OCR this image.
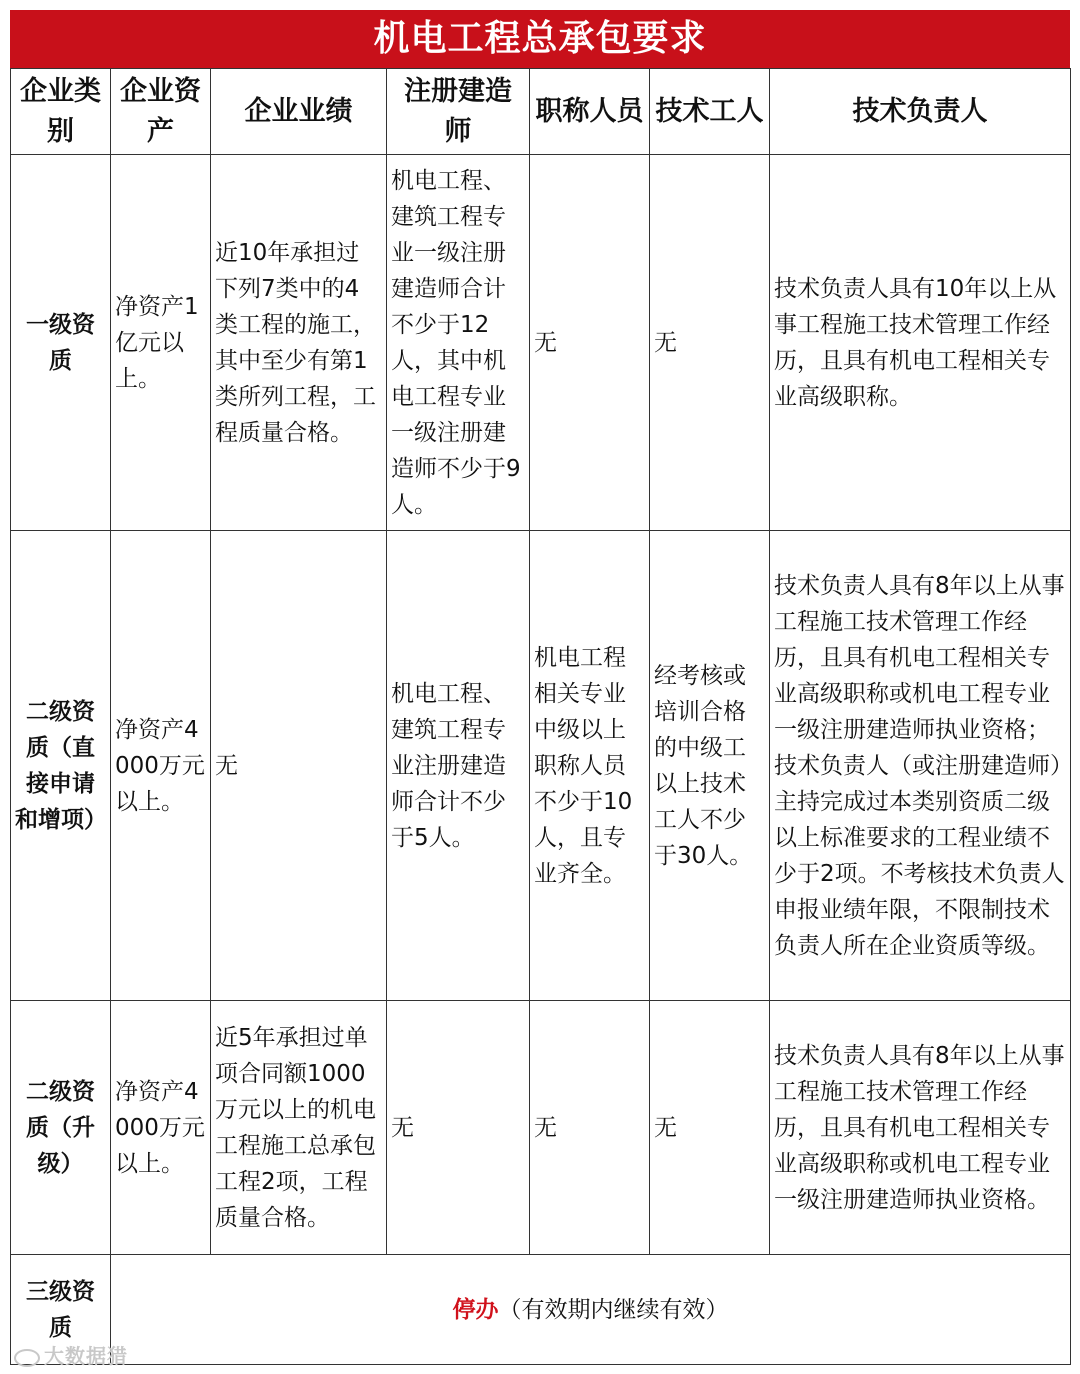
机电工程总承包要求
企业类别	企业资产	企业业绩	注册建造师	职称人员	技术工人	技术负责人
一级资质	净资产1亿元以上。	近10年承担过下列7类中的4类工程的施工，其中至少有第1类所列工程，工程质量合格。	机电工程、建筑工程专业一级注册建造师合计不少于12人，其中机电工程专业一级注册建造师不少于9人。	无	无	技术负责人具有10年以上从事工程施工技术管理工作经历，且具有机电工程相关专业高级职称。
二级资质（直接申请和增项）	净资产4000万元以上。	无	机电工程、建筑工程专业注册建造师合计不少于5人。	机电工程相关专业中级以上职称人员不少于10人，且专业齐全。	经考核或培训合格的中级工以上技术工人不少于30人。	技术负责人具有8年以上从事工程施工技术管理工作经历，且具有机电工程相关专业高级职称或机电工程专业一级注册建造师执业资格；技术负责人（或注册建造师）主持完成过本类别资质二级以上标准要求的工程业绩不少于2项。不考核技术负责人申报业绩年限，不限制技术负责人所在企业资质等级。
二级资质（升级）	净资产4000万元以上。	近5年承担过单项合同额1000万元以上的机电工程施工总承包工程2项，工程质量合格。	无	无	无	技术负责人具有8年以上从事工程施工技术管理工作经历，且具有机电工程相关专业高级职称或机电工程专业一级注册建造师执业资格。
三级资质	停办（有效期内继续有效）					
大数据猎
